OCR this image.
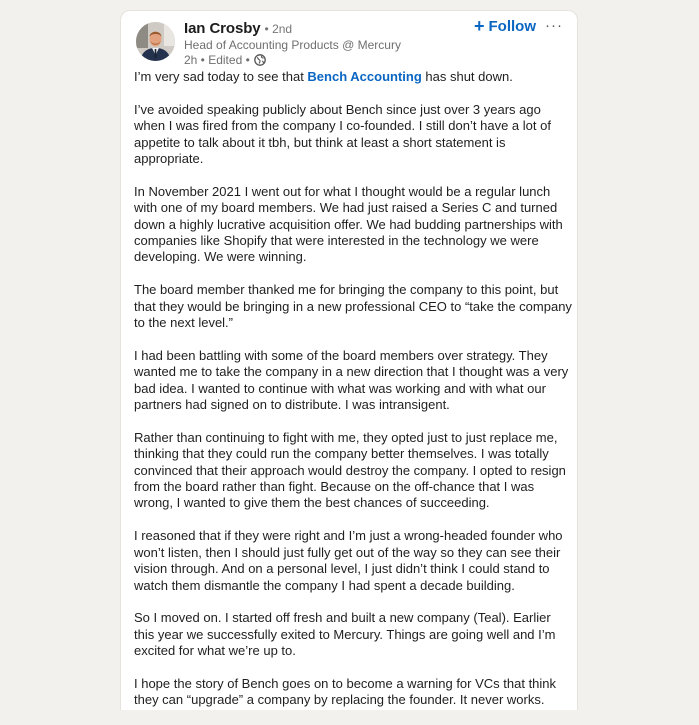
Ian Crosby • 2nd
Head of Accounting Products @ Mercury
2h • Edited •
+ Follow ···

I’m very sad today to see that Bench Accounting has shut down.

I’ve avoided speaking publicly about Bench since just over 3 years ago when I was fired from the company I co-founded. I still don’t have a lot of appetite to talk about it tbh, but think at least a short statement is appropriate.

In November 2021 I went out for what I thought would be a regular lunch with one of my board members. We had just raised a Series C and turned down a highly lucrative acquisition offer. We had budding partnerships with companies like Shopify that were interested in the technology we were developing. We were winning.

The board member thanked me for bringing the company to this point, but that they would be bringing in a new professional CEO to “take the company to the next level.”

I had been battling with some of the board members over strategy. They wanted me to take the company in a new direction that I thought was a very bad idea. I wanted to continue with what was working and with what our partners had signed on to distribute. I was intransigent.

Rather than continuing to fight with me, they opted just to just replace me, thinking that they could run the company better themselves. I was totally convinced that their approach would destroy the company. I opted to resign from the board rather than fight. Because on the off-chance that I was wrong, I wanted to give them the best chances of succeeding.

I reasoned that if they were right and I’m just a wrong-headed founder who won’t listen, then I should just fully get out of the way so they can see their vision through. And on a personal level, I just didn’t think I could stand to watch them dismantle the company I had spent a decade building.

So I moved on. I started off fresh and built a new company (Teal). Earlier this year we successfully exited to Mercury. Things are going well and I’m excited for what we’re up to.

I hope the story of Bench goes on to become a warning for VCs that think they can “upgrade” a company by replacing the founder. It never works.
